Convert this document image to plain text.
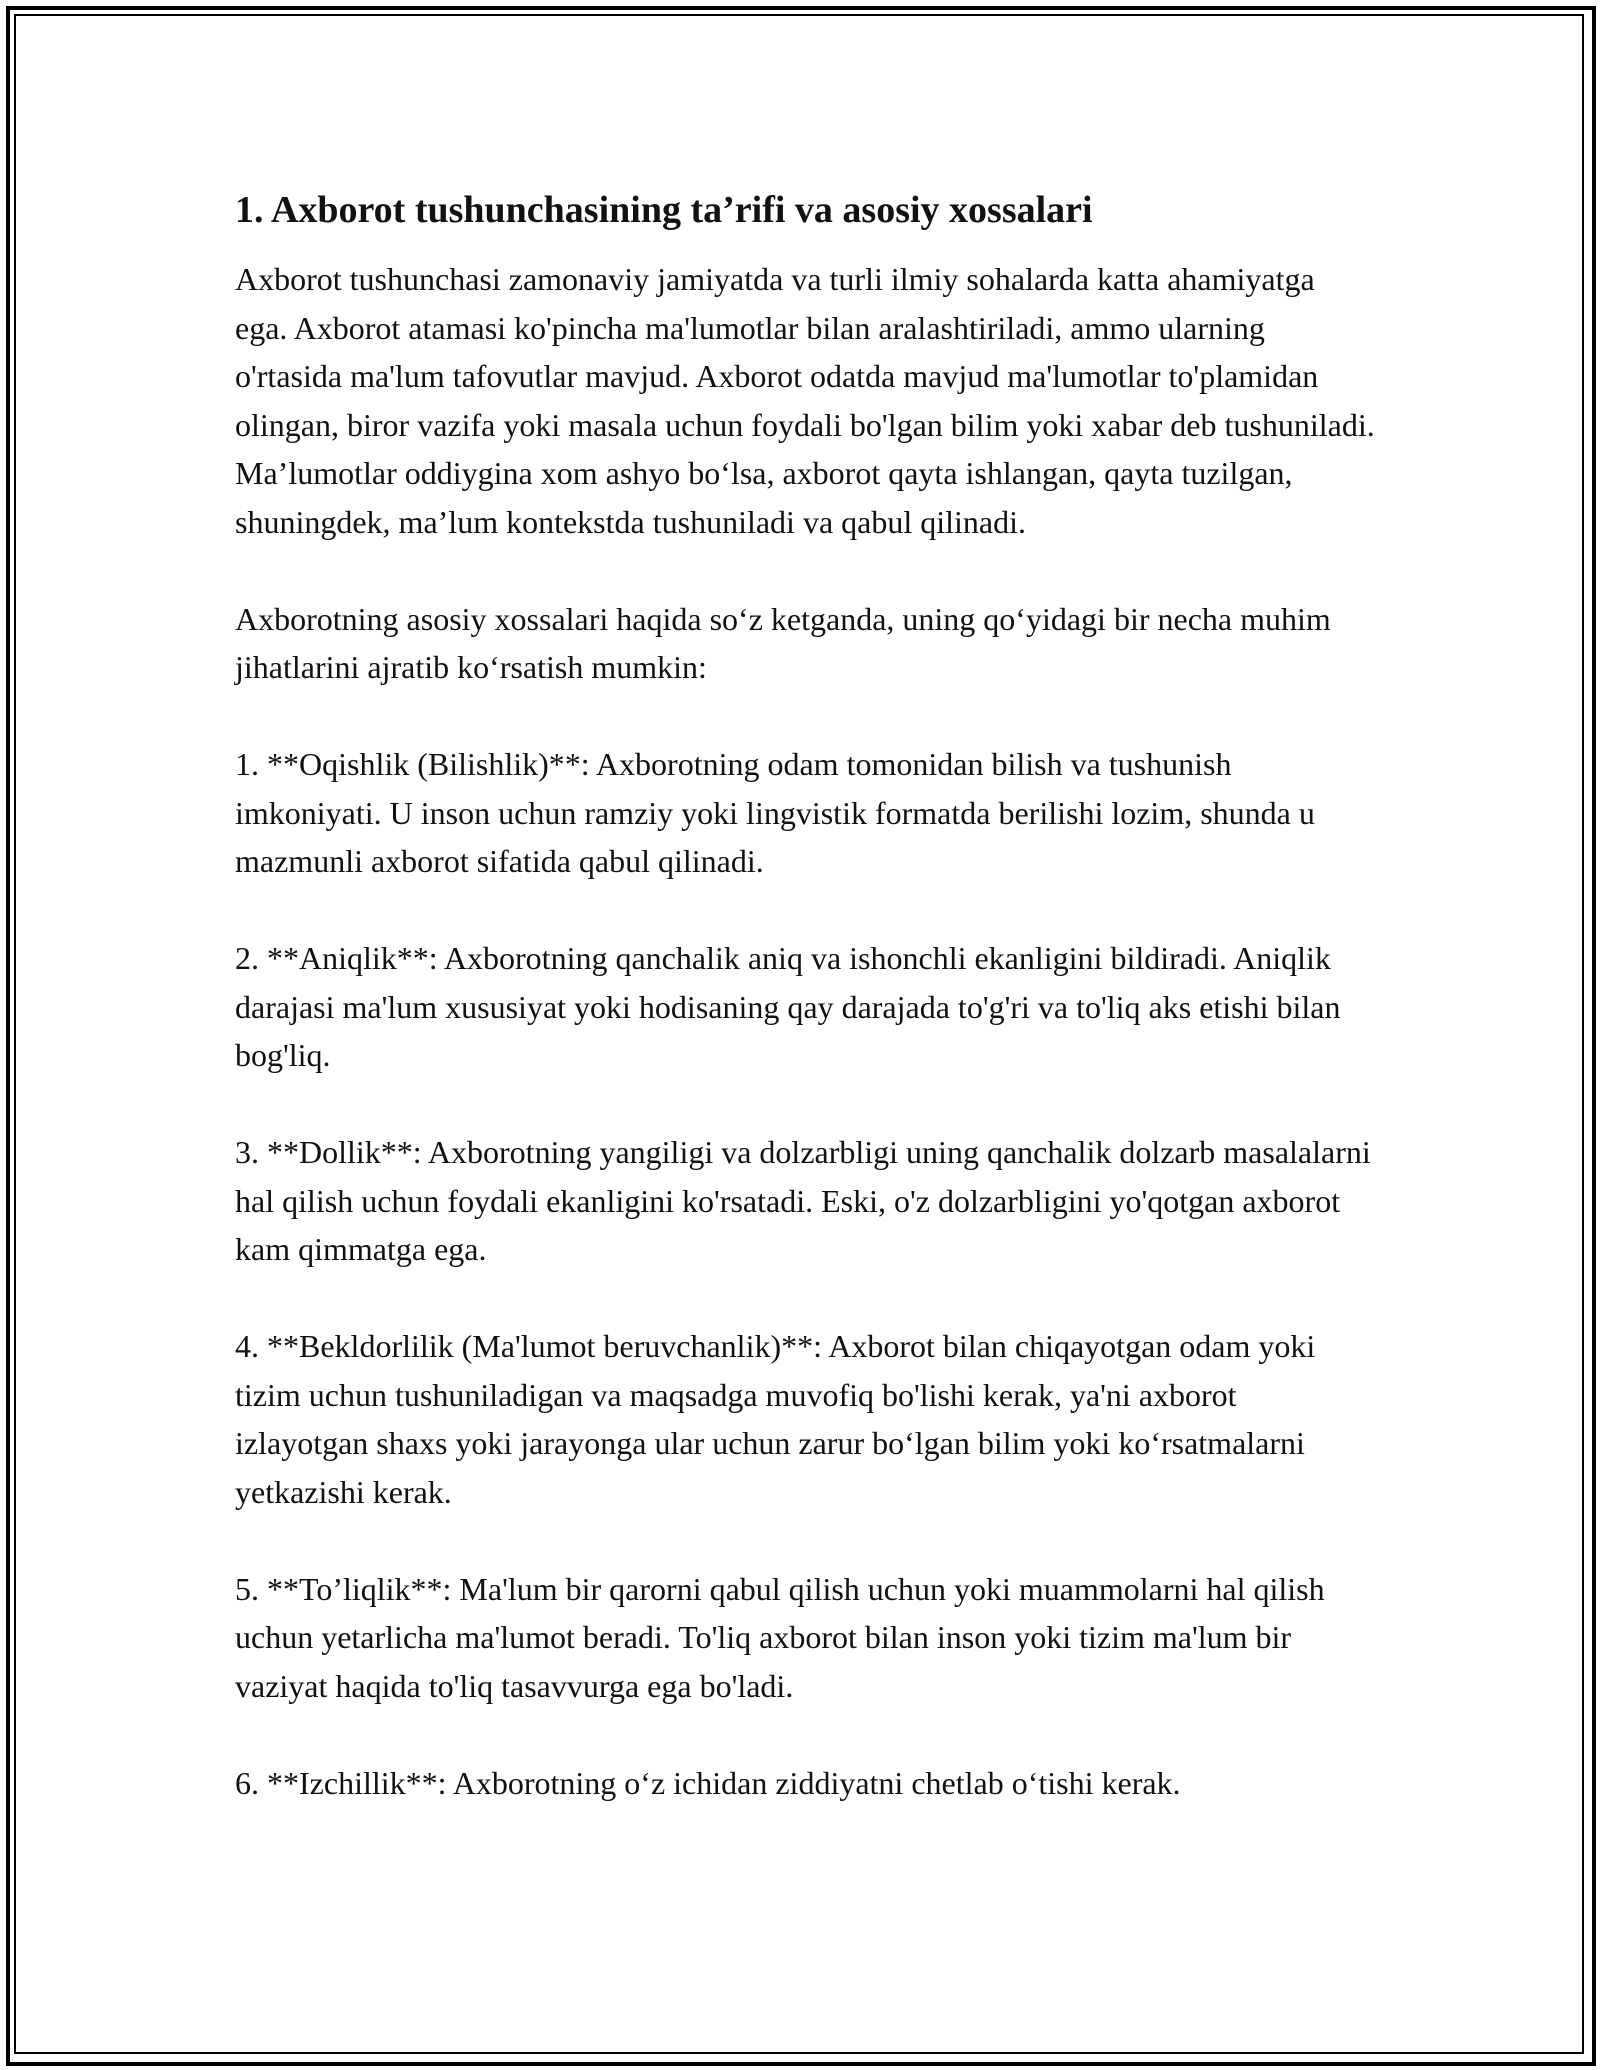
1. Axborot tushunchasining ta’rifi va asosiy xossalari

Axborot tushunchasi zamonaviy jamiyatda va turli ilmiy sohalarda katta ahamiyatga ega. Axborot atamasi ko'pincha ma'lumotlar bilan aralashtiriladi, ammo ularning o'rtasida ma'lum tafovutlar mavjud. Axborot odatda mavjud ma'lumotlar to'plamidan olingan, biror vazifa yoki masala uchun foydali bo'lgan bilim yoki xabar deb tushuniladi. Ma’lumotlar oddiygina xom ashyo bo‘lsa, axborot qayta ishlangan, qayta tuzilgan, shuningdek, ma’lum kontekstda tushuniladi va qabul qilinadi.

Axborotning asosiy xossalari haqida so‘z ketganda, uning qo‘yidagi bir necha muhim jihatlarini ajratib ko‘rsatish mumkin:

1. **Oqishlik (Bilishlik)**: Axborotning odam tomonidan bilish va tushunish imkoniyati. U inson uchun ramziy yoki lingvistik formatda berilishi lozim, shunda u mazmunli axborot sifatida qabul qilinadi.

2. **Aniqlik**: Axborotning qanchalik aniq va ishonchli ekanligini bildiradi. Aniqlik darajasi ma'lum xususiyat yoki hodisaning qay darajada to'g'ri va to'liq aks etishi bilan bog'liq.

3. **Dollik**: Axborotning yangiligi va dolzarbligi uning qanchalik dolzarb masalalarni hal qilish uchun foydali ekanligini ko'rsatadi. Eski, o'z dolzarbligini yo'qotgan axborot kam qimmatga ega.

4. **Bekldorlilik (Ma'lumot beruvchanlik)**: Axborot bilan chiqayotgan odam yoki tizim uchun tushuniladigan va maqsadga muvofiq bo'lishi kerak, ya'ni axborot izlayotgan shaxs yoki jarayonga ular uchun zarur bo‘lgan bilim yoki ko‘rsatmalarni yetkazishi kerak.

5. **To’liqlik**: Ma'lum bir qarorni qabul qilish uchun yoki muammolarni hal qilish uchun yetarlicha ma'lumot beradi. To'liq axborot bilan inson yoki tizim ma'lum bir vaziyat haqida to'liq tasavvurga ega bo'ladi.

6. **Izchillik**: Axborotning o‘z ichidan ziddiyatni chetlab o‘tishi kerak.
